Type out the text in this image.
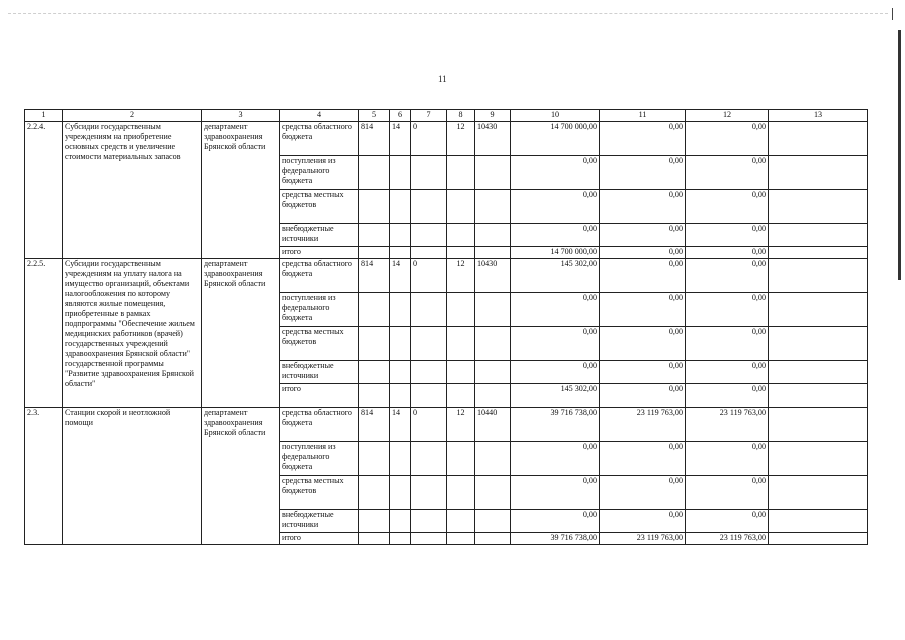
11
1	2	3	4	5	6	7	8	9	10	11	12	13
2.2.4.	Субсидии государственным учреждениям на приобретение основных средств и увеличение стоимости материальных запасов	департамент здравоохранения Брянской области	средства областного бюджета	814	14	0	12	10430	14 700 000,00	0,00	0,00	
			поступления из федерального бюджета						0,00	0,00	0,00	
			средства местных бюджетов						0,00	0,00	0,00	
			внебюджетные источники						0,00	0,00	0,00	
			итого						14 700 000,00	0,00	0,00	
2.2.5.	Субсидии государственным учреждениям на уплату налога на имущество организаций, объектами налогообложения по которому являются жилые помещения, приобретенные в рамках подпрограммы "Обеспечение жильем медицинских работников (врачей) государственных учреждений здравоохранения Брянской области" государственной программы "Развитие здравоохранения Брянской области"	департамент здравоохранения Брянской области	средства областного бюджета	814	14	0	12	10430	145 302,00	0,00	0,00	
			поступления из федерального бюджета						0,00	0,00	0,00	
			средства местных бюджетов						0,00	0,00	0,00	
			внебюджетные источники						0,00	0,00	0,00	
			итого						145 302,00	0,00	0,00	
2.3.	Станции скорой и неотложной помощи	департамент здравоохранения Брянской области	средства областного бюджета	814	14	0	12	10440	39 716 738,00	23 119 763,00	23 119 763,00	
			поступления из федерального бюджета						0,00	0,00	0,00	
			средства местных бюджетов						0,00	0,00	0,00	
			внебюджетные источники						0,00	0,00	0,00	
			итого						39 716 738,00	23 119 763,00	23 119 763,00	
